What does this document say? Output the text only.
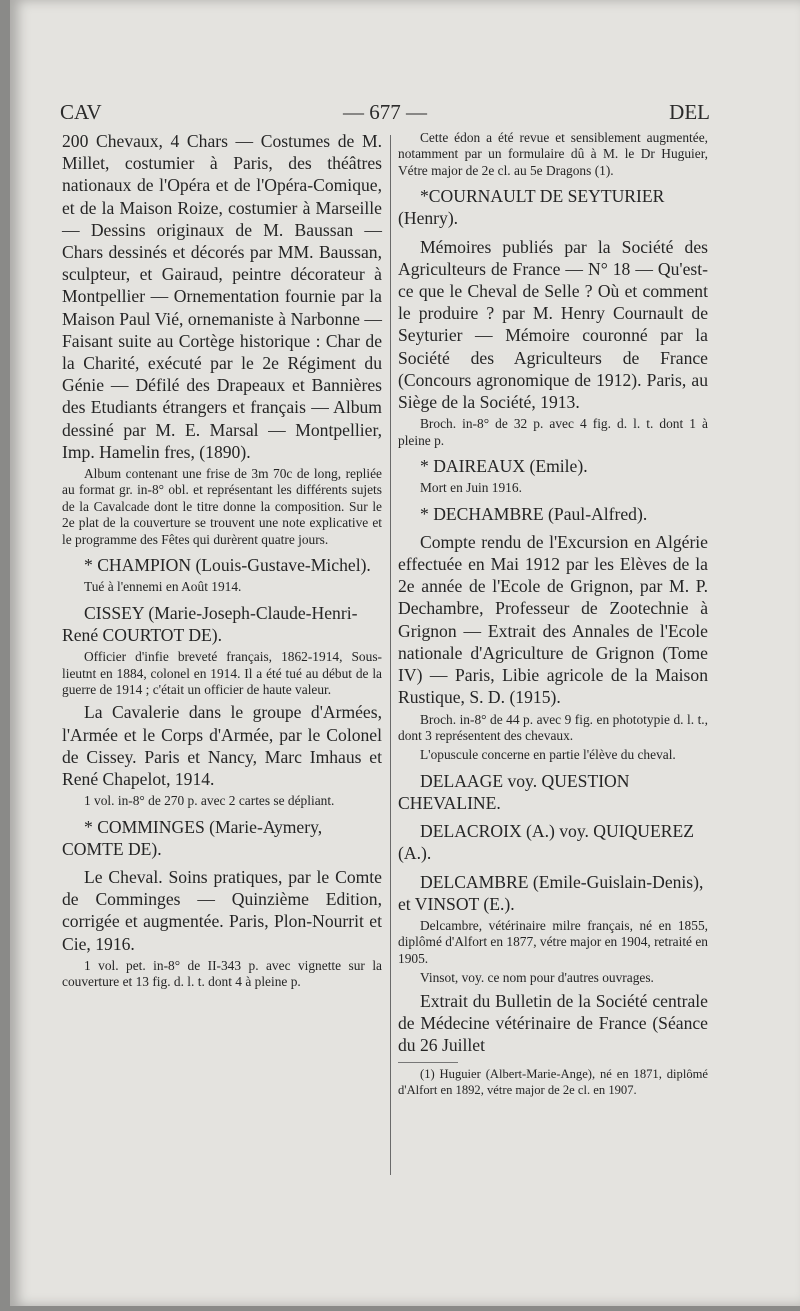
CAV	— 677 —	DEL

200 Chevaux, 4 Chars — Costumes de M. Millet, costumier à Paris, des théâtres nationaux de l'Opéra et de l'Opéra-Comique, et de la Maison Roize, costumier à Marseille — Dessins originaux de M. Baussan — Chars dessinés et décorés par MM. Baussan, sculpteur, et Gairaud, peintre décorateur à Montpellier — Ornementation fournie par la Maison Paul Vié, ornemaniste à Narbonne — Faisant suite au Cortège historique : Char de la Charité, exécuté par le 2e Régiment du Génie — Défilé des Drapeaux et Bannières des Etudiants étrangers et français — Album dessiné par M. E. Marsal — Montpellier, Imp. Hamelin fres, (1890).

Album contenant une frise de 3m 70c de long, repliée au format gr. in-8° obl. et représentant les différents sujets de la Cavalcade dont le titre donne la composition. Sur le 2e plat de la couverture se trouvent une note explicative et le programme des Fêtes qui durèrent quatre jours.

* CHAMPION (Louis-Gustave-Michel).

Tué à l'ennemi en Août 1914.

CISSEY (Marie-Joseph-Claude-Henri-René COURTOT DE).

Officier d'infie breveté français, 1862-1914, Sous-lieutnt en 1884, colonel en 1914. Il a été tué au début de la guerre de 1914 ; c'était un officier de haute valeur.

La Cavalerie dans le groupe d'Armées, l'Armée et le Corps d'Armée, par le Colonel de Cissey. Paris et Nancy, Marc Imhaus et René Chapelot, 1914.

1 vol. in-8° de 270 p. avec 2 cartes se dépliant.

* COMMINGES (Marie-Aymery, COMTE DE).

Le Cheval. Soins pratiques, par le Comte de Comminges — Quinzième Edition, corrigée et augmentée. Paris, Plon-Nourrit et Cie, 1916.

1 vol. pet. in-8° de II-343 p. avec vignette sur la couverture et 13 fig. d. l. t. dont 4 à pleine p.

Cette édon a été revue et sensiblement augmentée, notamment par un formulaire dû à M. le Dr Huguier, Vétre major de 2e cl. au 5e Dragons (1).

*COURNAULT DE SEYTURIER (Henry).

Mémoires publiés par la Société des Agriculteurs de France — N° 18 — Qu'est-ce que le Cheval de Selle ? Où et comment le produire ? par M. Henry Cournault de Seyturier — Mémoire couronné par la Société des Agriculteurs de France (Concours agronomique de 1912). Paris, au Siège de la Société, 1913.

Broch. in-8° de 32 p. avec 4 fig. d. l. t. dont 1 à pleine p.

* DAIREAUX (Emile).

Mort en Juin 1916.

* DECHAMBRE (Paul-Alfred).

Compte rendu de l'Excursion en Algérie effectuée en Mai 1912 par les Elèves de la 2e année de l'Ecole de Grignon, par M. P. Dechambre, Professeur de Zootechnie à Grignon — Extrait des Annales de l'Ecole nationale d'Agriculture de Grignon (Tome IV) — Paris, Libie agricole de la Maison Rustique, S. D. (1915).

Broch. in-8° de 44 p. avec 9 fig. en phototypie d. l. t., dont 3 représentent des chevaux.

L'opuscule concerne en partie l'élève du cheval.

DELAAGE voy. QUESTION CHEVALINE.

DELACROIX (A.) voy. QUIQUEREZ (A.).

DELCAMBRE (Emile-Guislain-Denis), et VINSOT (E.).

Delcambre, vétérinaire milre français, né en 1855, diplômé d'Alfort en 1877, vétre major en 1904, retraité en 1905.

Vinsot, voy. ce nom pour d'autres ouvrages.

Extrait du Bulletin de la Société centrale de Médecine vétérinaire de France (Séance du 26 Juillet

(1) Huguier (Albert-Marie-Ange), né en 1871, diplômé d'Alfort en 1892, vétre major de 2e cl. en 1907.
